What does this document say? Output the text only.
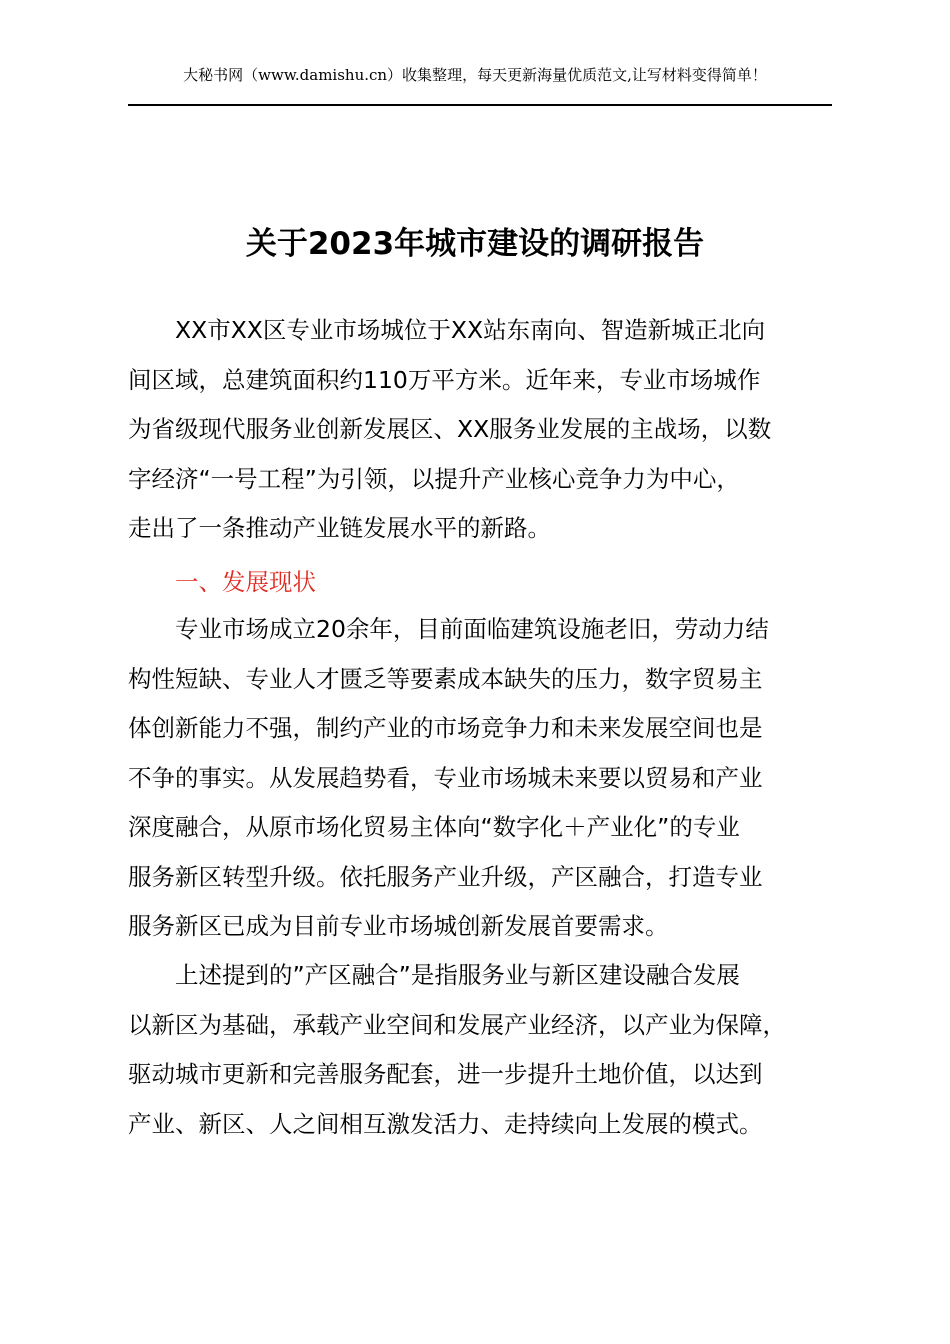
大秘书网（www.damishu.cn）收集整理，每天更新海量优质范文,让写材料变得简单！
关于2023年城市建设的调研报告
XX市XX区专业市场城位于XX站东南向、智造新城正北向
间区域，总建筑面积约110万平方米。近年来，专业市场城作
为省级现代服务业创新发展区、XX服务业发展的主战场，以数
字经济“一号工程”为引领，以提升产业核心竞争力为中心，
走出了一条推动产业链发展水平的新路。
一、发展现状
专业市场成立20余年，目前面临建筑设施老旧，劳动力结
构性短缺、专业人才匮乏等要素成本缺失的压力，数字贸易主
体创新能力不强，制约产业的市场竞争力和未来发展空间也是
不争的事实。从发展趋势看，专业市场城未来要以贸易和产业
深度融合，从原市场化贸易主体向“数字化＋产业化”的专业
服务新区转型升级。依托服务产业升级，产区融合，打造专业
服务新区已成为目前专业市场城创新发展首要需求。
上述提到的”产区融合”是指服务业与新区建设融合发展
以新区为基础，承载产业空间和发展产业经济，以产业为保障，
驱动城市更新和完善服务配套，进一步提升土地价值，以达到
产业、新区、人之间相互激发活力、走持续向上发展的模式。
